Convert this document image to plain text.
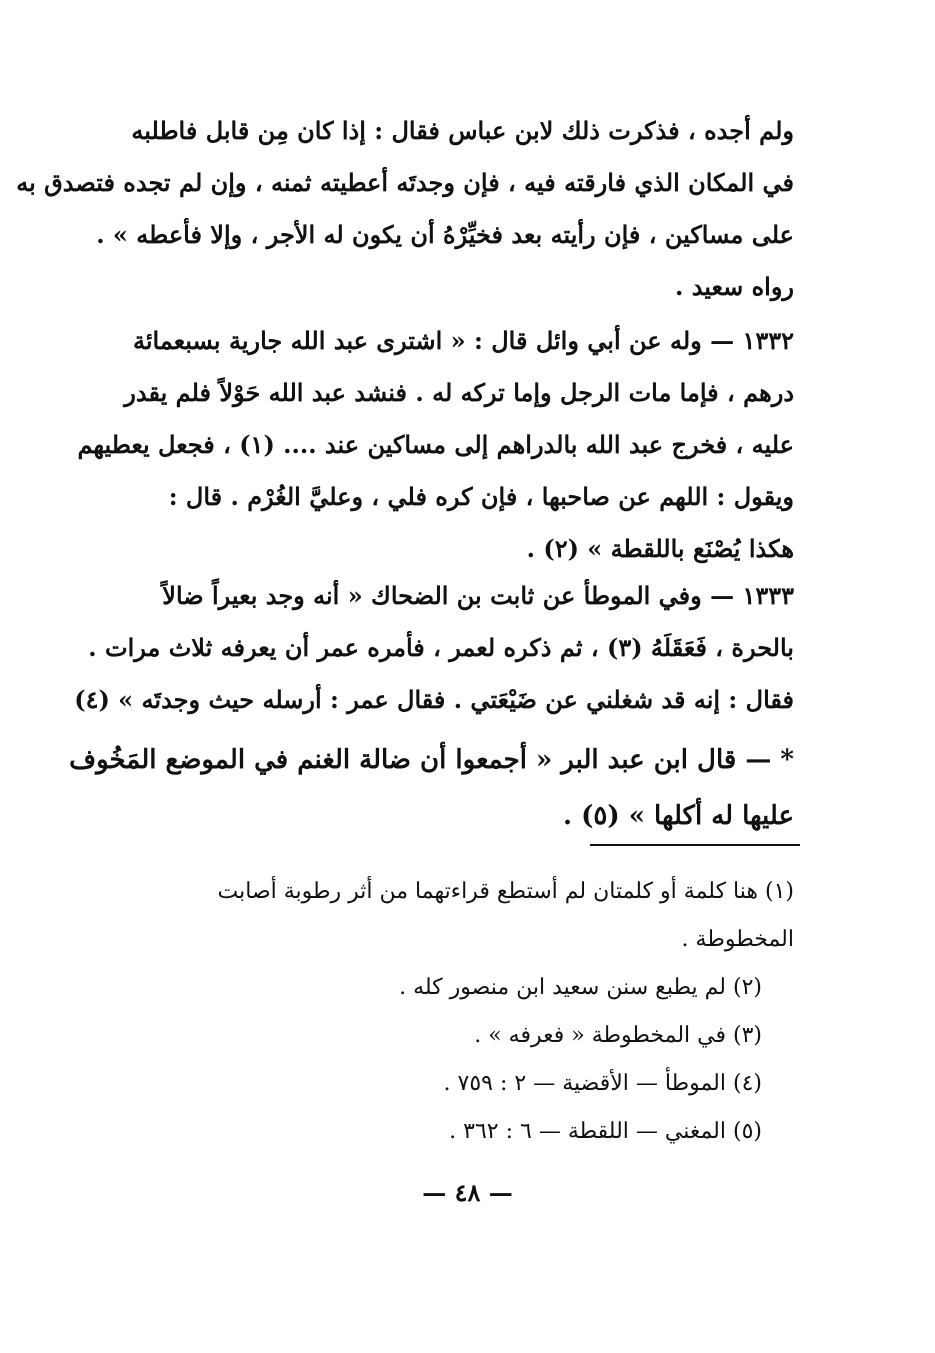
ولم أجده ، فذكرت ذلك لابن عباس فقال : إذا كان مِن قابل فاطلبه
في المكان الذي فارقته فيه ، فإن وجدتَه أعطيته ثمنه ، وإن لم تجده فتصدق به
على مساكين ، فإن رأيته بعد فخيِّرْهُ أن يكون له الأجر ، وإلا فأعطه » .
رواه سعيد .
١٣٣٢ — وله عن أبي وائل قال : « اشترى عبد الله جارية بسبعمائة
درهم ، فإما مات الرجل وإما تركه له . فنشد عبد الله حَوْلاً فلم يقدر
عليه ، فخرج عبد الله بالدراهم إلى مساكين عند .... (١) ، فجعل يعطيهم
ويقول : اللهم عن صاحبها ، فإن كره فلي ، وعليَّ الغُرْم . قال :
هكذا يُصْنَع باللقطة » (٢) .
١٣٣٣ — وفي الموطأ عن ثابت بن الضحاك « أنه وجد بعيراً ضالاً
بالحرة ، فَعَقَلَهُ (٣) ، ثم ذكره لعمر ، فأمره عمر أن يعرفه ثلاث مرات .
فقال : إنه قد شغلني عن ضَيْعَتي . فقال عمر : أرسله حيث وجدتَه » (٤)
* — قال ابن عبد البر « أجمعوا أن ضالة الغنم في الموضع المَخُوف
عليها له أكلها » (٥) .
(١) هنا كلمة أو كلمتان لم أستطع قراءتهما من أثر رطوبة أصابت
المخطوطة .
(٢) لم يطبع سنن سعيد ابن منصور كله .
(٣) في المخطوطة « فعرفه » .
(٤) الموطأ — الأقضية — ٢ : ٧٥٩ .
(٥) المغني — اللقطة — ٦ : ٣٦٢ .
— ٤٨ —
